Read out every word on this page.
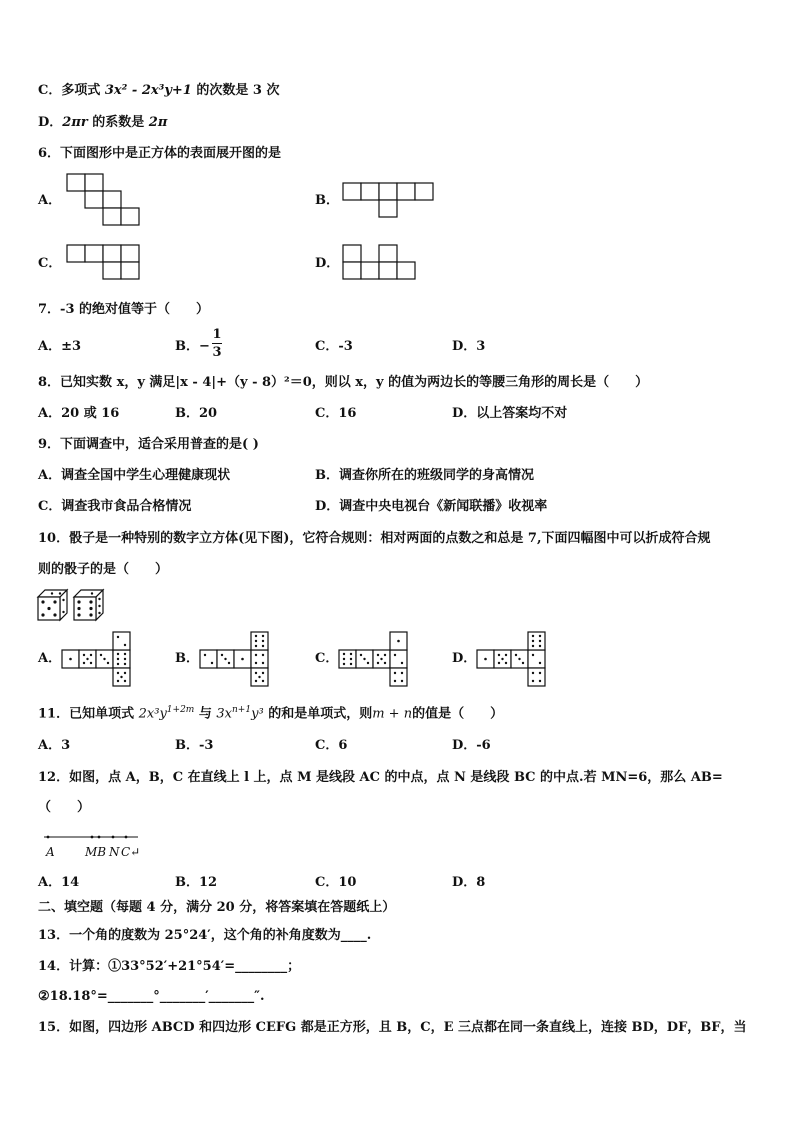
C．多项式 3x² - 2x³y+1 的次数是 3 次
D．2πr 的系数是 2π
6．下面图形中是正方体的表面展开图的是
A．	B．
C．	D．
7．-3 的绝对值等于（　　）
A．±3	B．−
1
3	C．-3	D．3
8．已知实数 x，y 满足|x - 4|+（y - 8）²＝0，则以 x，y 的值为两边长的等腰三角形的周长是（　　）
A．20 或 16	B．20	C．16	D．以上答案均不对
9．下面调查中，适合采用普查的是( )
A．调查全国中学生心理健康现状	B．调查你所在的班级同学的身高情况
C．调查我市食品合格情况	D．调查中央电视台《新闻联播》收视率
10．骰子是一种特别的数字立方体(见下图)，它符合规则：相对两面的点数之和总是 7,下面四幅图中可以折成符合规
则的骰子的是（　　）
A．	B．	C．	D．
11．已知单项式 $2x^3y^{1+2m}$ 与 $3x^{n+1}y^3$ 的和是单项式，则m + n的值是（　　）
A．3	B．-3	C．6	D．-6
12．如图，点 A，B，C 在直线上 l 上，点 M 是线段 AC 的中点，点 N 是线段 BC 的中点.若 MN=6，那么 AB=
（　　）
A	MB N C↵
A．14	B．12	C．10	D．8
二、填空题（每题 4 分，满分 20 分，将答案填在答题纸上）
13．一个角的度数为 25°24′，这个角的补角度数为____.
14．计算：①33°52′+21°54′=________；
②18.18°=_______°_______′_______″.
15．如图，四边形 ABCD 和四边形 CEFG 都是正方形，且 B，C，E 三点都在同一条直线上，连接 BD，DF，BF，当
